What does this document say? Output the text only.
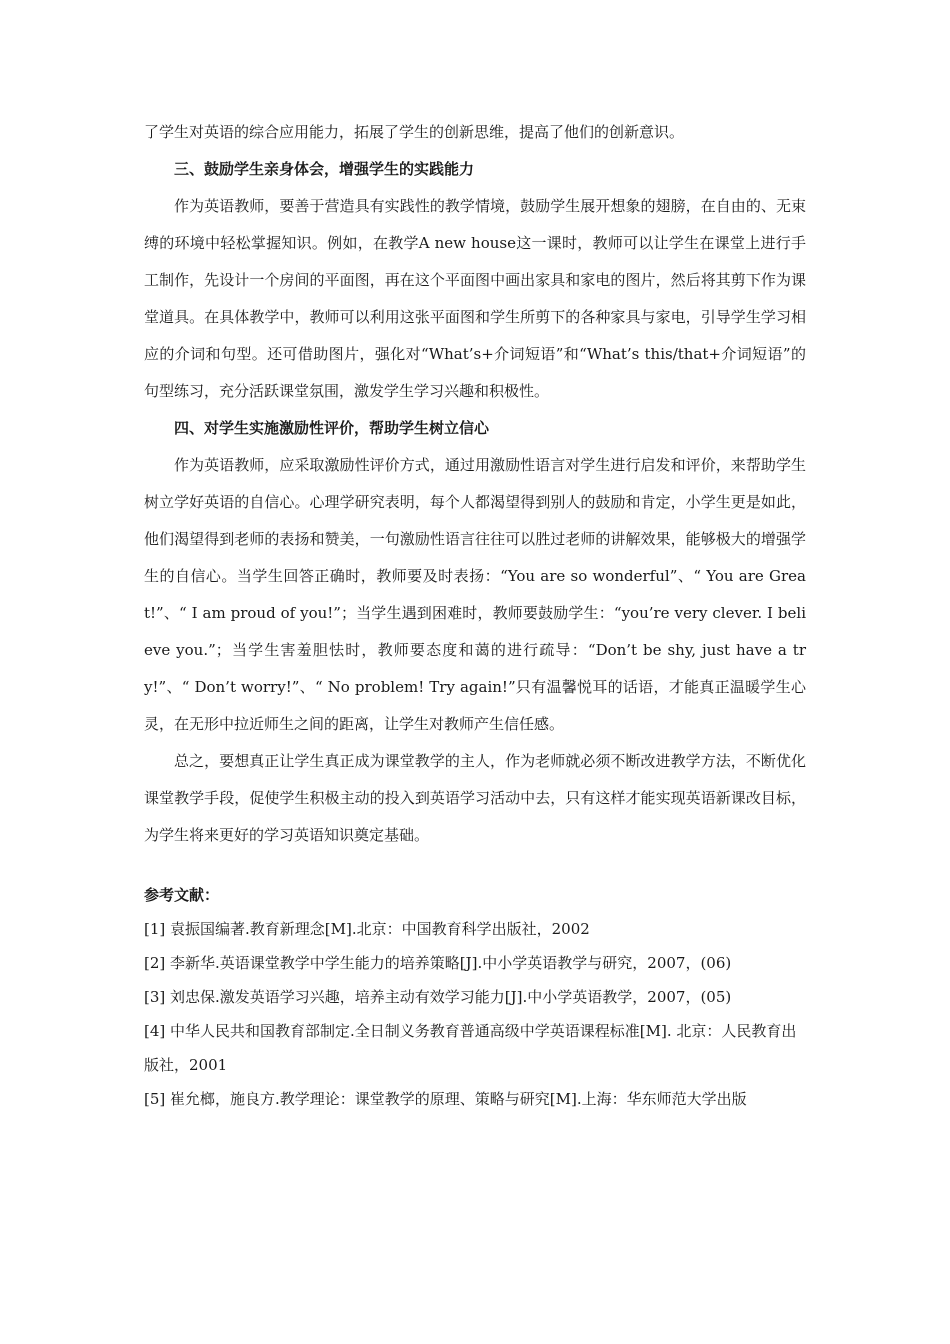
了学生对英语的综合应用能力，拓展了学生的创新思维，提高了他们的创新意识。

三、鼓励学生亲身体会，增强学生的实践能力

作为英语教师，要善于营造具有实践性的教学情境，鼓励学生展开想象的翅膀，在自由的、无束缚的环境中轻松掌握知识。例如，在教学A new house这一课时，教师可以让学生在课堂上进行手工制作，先设计一个房间的平面图，再在这个平面图中画出家具和家电的图片，然后将其剪下作为课堂道具。在具体教学中，教师可以利用这张平面图和学生所剪下的各种家具与家电，引导学生学习相应的介词和句型。还可借助图片，强化对“What’s+介词短语”和“What’s this/that+介词短语”的句型练习，充分活跃课堂氛围，激发学生学习兴趣和积极性。

四、对学生实施激励性评价，帮助学生树立信心

作为英语教师，应采取激励性评价方式，通过用激励性语言对学生进行启发和评价，来帮助学生树立学好英语的自信心。心理学研究表明，每个人都渴望得到别人的鼓励和肯定，小学生更是如此，他们渴望得到老师的表扬和赞美，一句激励性语言往往可以胜过老师的讲解效果，能够极大的增强学生的自信心。当学生回答正确时，教师要及时表扬：“You are so wonderful”、“ You are Great!”、“ I am proud of you!”；当学生遇到困难时，教师要鼓励学生：“you’re very clever. I believe you.”；当学生害羞胆怯时，教师要态度和蔼的进行疏导：“Don’t be shy, just have a try!”、“ Don’t worry!”、“ No problem! Try again!”只有温馨悦耳的话语，才能真正温暖学生心灵，在无形中拉近师生之间的距离，让学生对教师产生信任感。

总之，要想真正让学生真正成为课堂教学的主人，作为老师就必须不断改进教学方法，不断优化课堂教学手段，促使学生积极主动的投入到英语学习活动中去，只有这样才能实现英语新课改目标，为学生将来更好的学习英语知识奠定基础。

参考文献：

[1] 袁振国编著.教育新理念[M].北京：中国教育科学出版社，2002

[2] 李新华.英语课堂教学中学生能力的培养策略[J].中小学英语教学与研究，2007，(06)

[3] 刘忠保.激发英语学习兴趣，培养主动有效学习能力[J].中小学英语教学，2007，(05)

[4] 中华人民共和国教育部制定.全日制义务教育普通高级中学英语课程标准[M]. 北京：人民教育出版社，2001

[5] 崔允榔，施良方.教学理论：课堂教学的原理、策略与研究[M].上海：华东师范大学出版
